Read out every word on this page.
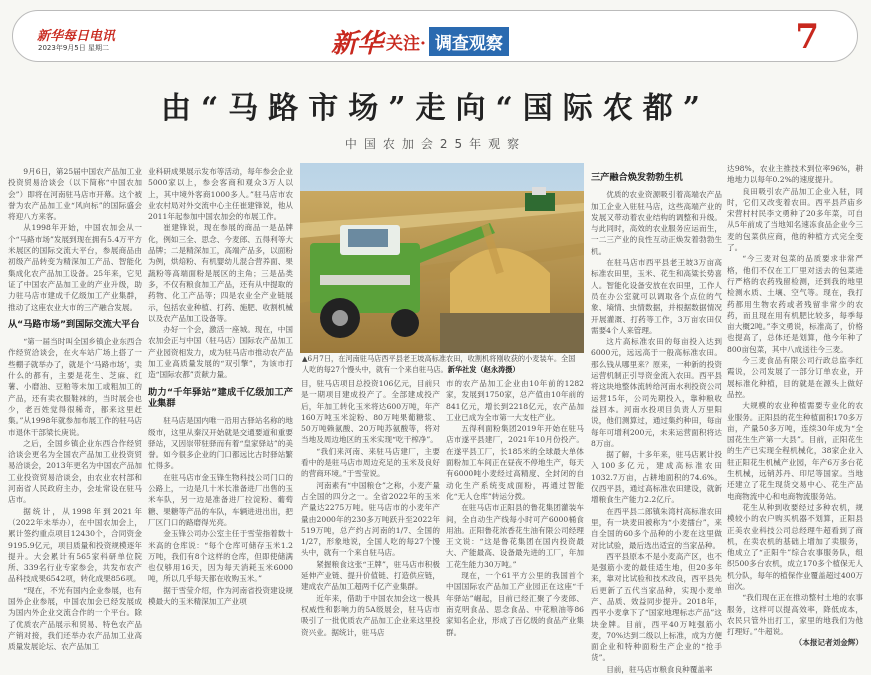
新华每日电讯
2023年9月5日 星期二	新华 关注· 调查观察	7
由“马路市场”走向“国际农都”
中国农加会25年观察

9月6日，第25届中国农产品加工业投资贸易洽谈会（以下简称“中国农加会”）即将在河南驻马店市开幕。这个被誉为农产品加工业“风向标”的国际盛会将迎八方来客。

从1998年开始，中国农加会从一个“马路市场”发展到现在拥有5.4万平方米展区的国际交流大平台，参展商品由初级产品转变为精深加工产品、智能化集成化农产品加工设备。25年来，它见证了中国农产品加工业的产业升级，助力驻马店市建成千亿级加工产业集群，推动了这座农业大市的三产融合发展。

从“马路市场”到国际交流大平台

“第一届当时叫全国乡镇企业东西合作经贸洽谈会，在火车站广场上搭了一些棚子就举办了，就是个‘马路市场’，卖什么的都有，主要是花生、芝麻、红薯、小磨油、豆粕等未加工或粗加工的产品，还有卖衣服鞋袜的，当时展会也少，老百姓觉得很稀奇，都来这里赶集。”从1998年就参加布展工作的驻马店市退休干部梁长庚说。

之后，全国乡镇企业东西合作经贸洽谈会更名为全国农产品加工业投资贸易洽谈会，2013年更名为中国农产品加工业投资贸易洽谈会，由农业农村部和河南省人民政府主办，会址常设在驻马店市。

据统计，从1998年到2021年（2022年未举办），在中国农加会上，累计签约重点项目12430个，合同资金9195.9亿元，项目质量和投资规模逐年提升。大会累计有565家科研单位院所、339名行业专家参会，共发布农产品科技成果6542项，转化成果856项。

“现在，不光有国内企业参展，也有国外企业参展，中国农加会已经发展成为国内外企业交流合作的一个平台。除了优质农产品展示和贸易、特色农产品产销对接，我们还举办农产品加工业高质量发展论坛、农产品加工

业科研成果展示发布等活动，每年参会企业5000家以上，参会客商和观众3万人以上，其中境外客商1000多人。”驻马店市农业农村局对外交流中心主任崔建锋说，他从2011年起参加中国农加会的布展工作。

崔建锋说，现在参展的商品一是品牌化，例如三全、思念、今麦郎、五得利等大品牌；二是精深加工，高端产品多，以面粉为例，烘焙粉、有机婴幼儿混合营养面、果蔬粉等高端面粉是展区的主角；三是品类多，不仅有粮食加工产品，还有从中提取的药物、化工产品等；四是农业全产业链展示，包括农业种植、打药、施肥、收割机械以及农产品加工设备等。

办好一个会，激活一座城。现在，中国农加会正与中国（驻马店）国际农产品加工产业园资相发力，成为驻马店市推动农产品加工业高质量发展的“双引擎”，为该市打造“国际农都”贡献力量。

助力“千年驿站”建成千亿级加工产业集群

驻马店是国内唯一沿用古驿站名称的地级市，这里从秦汉开始就是交通要道和重要驿站，又因崇带驻驿而有着“皇家驿站”的美誉。如今很多企业的门口都远比古时驿站繁忙得多。

在驻马店市金玉锋生物科技公司门口的公路上，一边是几十米长准备进厂出售的玉米车队，另一边是准备进厂拉淀粉、葡萄糖、果糖等产品的车队，车辆进进出出，把厂区门口的路磨得光亮。

金玉锋公司办公室主任于雪莹指着数十米高的仓库说：“每个仓库可储存玉米1.2万吨，我们有8个这样的仓库，但即使储满也仅够用16天，因为每天消耗玉米6000吨，所以几乎每天都在收购玉米。”

据于雪莹介绍，作为河南省投资建设规模最大的玉米精深加工产业项

▲6月7日，在河南驻马店西平县老王坡高标准农田，收割机将刚收获的小麦装车。全国人吃的每27个馒头中，就有一个来自驻马店。新华社发（赵永涛摄）

目，驻马店项目总投资106亿元，目前只是一期项目建成投产了。全部建成投产后，年加工转化玉米将达600万吨，年产160万吨玉米淀粉、80万吨果葡糖浆、50万吨赖氨酸、20万吨苏氨酸等，将对当地及周边地区的玉米实现“吃干榨净”。

“我们来河南、来驻马店建厂，主要看中的是驻马店市周边充足的玉米及良好的营商环境。”于雪莹说。

河南素有“中国粮仓”之称，小麦产量占全国的四分之一。全省2022年的玉米产量达2275万吨。驻马店市的小麦年产量由2000年的230多万吨跃升至2022年519万吨，总产约占河南的1/7、全国的1/27，形象地说，全国人吃的每27个馒头中，就有一个来自驻马店。

紧握粮食这张“王牌”，驻马店市积极延伸产业链、提升价值链、打造供应链，建成农产品加工超两千亿产业集群。

近年来，借助于中国农加会这一极具权威性和影响力的5A级展会，驻马店市吸引了一批优质农产品加工企业来这里投资兴业。据统计，驻马店

市的农产品加工企业由10年前的1282家，发展到1750家，总产值由10年前的841亿元，增长到2218亿元，农产品加工业已成为全市第一大支柱产业。

五得利面粉集团2019年开始在驻马店市遂平县建厂，2021年10月份投产。在遂平县工厂，长185米的全球最大单体面粉加工车间正在昼夜不停地生产，每天有6000吨小麦经过高精度、全封闭的自动化生产系统变成面粉，再通过智能化“无人仓库”转运分拨。

在驻马店市正阳县的鲁花集团灌装车间，全自动生产线每小时可产6000桶食用油。正阳鲁花浓香花生油有限公司经理王文说：“这是鲁花集团在国内投资最大、产能最高、设备最先进的工厂，年加工花生能力30万吨。”

现在，一个61平方公里的我国首个中国国际农产品加工产业园正在这座“千年驿站”崛起，目前已经汇聚了今麦郎、南克明食品、思念食品、中花粮油等86家知名企业，形成了百亿级的食品产业集群。

三产融合焕发勃勃生机

优质的农业资源吸引着高端农产品加工企业入驻驻马店，这些高端产业的发展又带动着农业结构的调整和升级。与此同时，高效的农业服务应运而生，一二三产业的良性互动正焕发着勃勃生机。

在驻马店市西平县老王坡3万亩高标准农田里，玉米、花生和高粱长势喜人。智能化设备安放在农田里，工作人员在办公室就可以调取各个点位的气象、墒情、虫情数据，并根据数据情况开展灌溉、打药等工作，3万亩农田仅需要4个人来管理。

这片高标准农田的每亩投入达到6000元，远远高于一般高标准农田。那么钱从哪里来？原来，一种新的投资运营机制正引导资金流入农田。西平县将这块地整体流转给河南水利投资公司运营15年，公司先期投入，靠种粮收益回本。河南水投项目负责人万里阳说，他们测算过，通过集约种田，每亩每年可增利200元，未来运营面积将达8万亩。

据了解，十多年来，驻马店累计投入100多亿元，建成高标准农田1032.7万亩，占耕地面积的74.6%。仅西平县，通过高标准农田建设，就新增粮食生产能力2.2亿斤。

在西平县二郎镇朱湾村高标准农田里，有一块麦田被称为“小麦擂台”，来自全国的60多个品种的小麦在这里做对比试验，最后选出适宜的当家品种。

西平县原本不是小麦高产区，也不是强筋小麦的最佳适生地，但20多年来，靠对比试验和技术改良，西平县先后更新了五代当家品种，实现小麦单产、品质、效益同步提升。2018年，西平小麦拿下了“国家地理标志产品”这块金牌。目前，西平40万吨强筋小麦，70%达到二级以上标准，成为方便面企业和特种面粉生产企业的“抢手货”。

目前，驻马店市粮食良种覆盖率

达98%，农业主推技术到位率96%，耕地地力以每年0.2%的速度提升。

良田吸引农产品加工企业入驻，同时，它们又改变着农田。西平县芦庙乡宋营村村民李文勇种了20多年菜，可自从5年前成了当地知名速冻食品企业今三麦的包菜供应商，他的种植方式完全变了。

“今三麦对包菜的品质要求非常严格，他们不仅在工厂里对送去的包菜进行严格的农药残留检测，还到我的地里检测水质、土壤、空气等。现在，我打药都用生物农药或者残留非常少的农药，而且现在用有机肥比较多，每季每亩大概2吨。”李文勇说，标准高了，价格也提高了，总体还是划算，他今年种了800亩包菜，其中八成送往今三麦。

今三麦食品有限公司行政总监李红霞说，公司发展了一部分订单农业，开展标准化种植，目的就是在源头上做好品控。

大规模的农业种植需要专业化的农业服务。正阳县的花生种植面积170多万亩，产量50多万吨，连续30年成为“全国花生生产第一大县”。目前，正阳花生的生产已实现全程机械化，38家企业入驻正阳花生机械产业园，年产6万多台花生机械，远销苏丹、印尼等国家。当地还建立了花生现货交易中心、花生产品电商物流中心和电商物流服务站。

花生从种到收要经过多种农机，规模较小的农户购买机器不划算，正阳县正美农业科技公司总经理牛超看到了商机，在卖农机的基础上增加了卖服务，他成立了“正阳牛”综合农事服务队，组织500多台农机，成立170多个植保无人机分队，每年的植保作业覆盖超过400万亩次。

“我们现在正在推动整村土地的农事服务，这样可以提高效率，降低成本，农民只管外出打工，家里的地我们为他打理好。”牛超说。

（本报记者刘金辉）
